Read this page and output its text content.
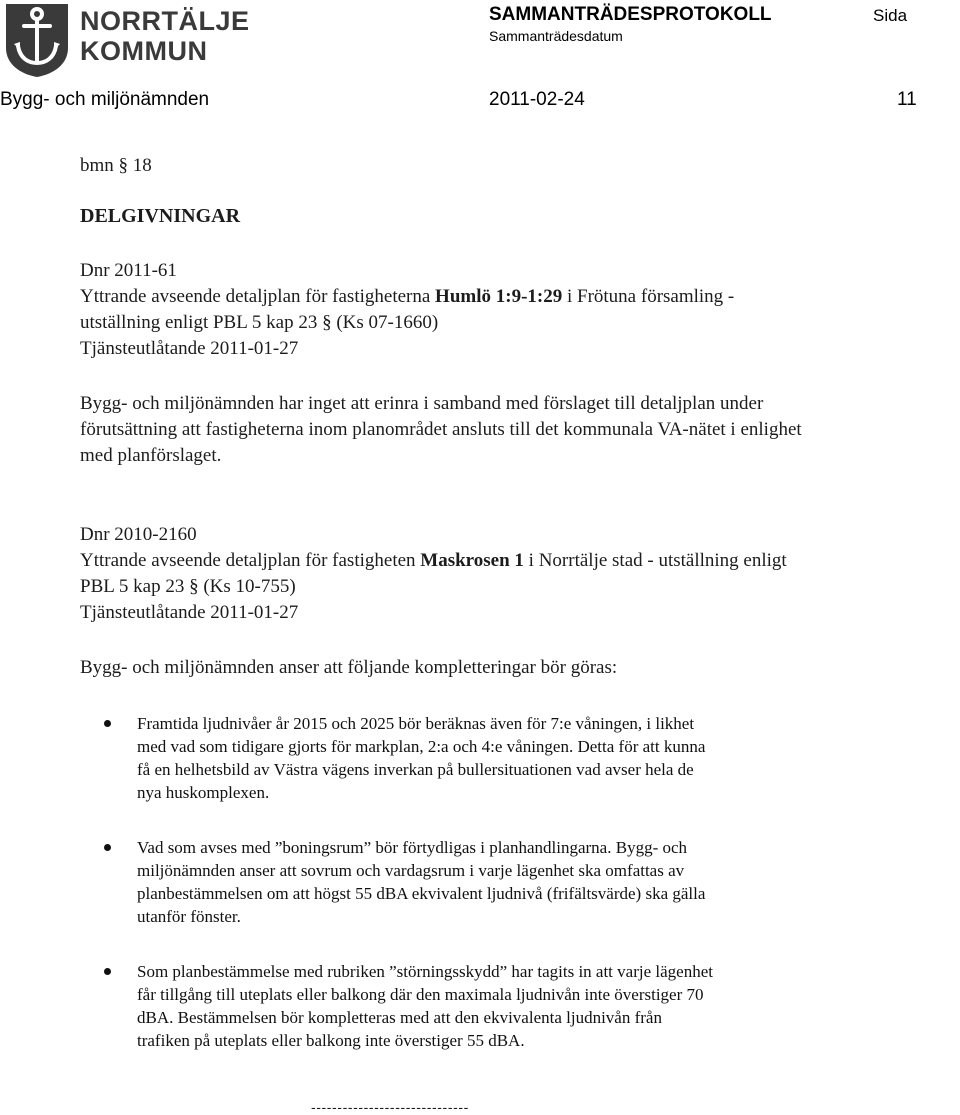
NORRTÄLJE
KOMMUN
SAMMANTRÄDESPROTOKOLL	Sida
Sammanträdesdatum
Bygg- och miljönämnden	2011-02-24	11
bmn § 18
DELGIVNINGAR

Dnr 2011-61

Yttrande avseende detaljplan för fastigheterna Humlö 1:9-1:29 i Frötuna församling -

utställning enligt PBL 5 kap 23 § (Ks 07-1660)

Tjänsteutlåtande 2011-01-27

Bygg- och miljönämnden har inget att erinra i samband med förslaget till detaljplan under

förutsättning att fastigheterna inom planområdet ansluts till det kommunala VA-nätet i enlighet

med planförslaget.

Dnr 2010-2160

Yttrande avseende detaljplan för fastigheten Maskrosen 1 i Norrtälje stad - utställning enligt

PBL 5 kap 23 § (Ks 10-755)

Tjänsteutlåtande 2011-01-27

Bygg- och miljönämnden anser att följande kompletteringar bör göras:

Framtida ljudnivåer år 2015 och 2025 bör beräknas även för 7:e våningen, i likhet

med vad som tidigare gjorts för markplan, 2:a och 4:e våningen. Detta för att kunna

få en helhetsbild av Västra vägens inverkan på bullersituationen vad avser hela de

nya huskomplexen.

Vad som avses med ”boningsrum” bör förtydligas i planhandlingarna. Bygg- och

miljönämnden anser att sovrum och vardagsrum i varje lägenhet ska omfattas av

planbestämmelsen om att högst 55 dBA ekvivalent ljudnivå (frifältsvärde) ska gälla

utanför fönster.

Som planbestämmelse med rubriken ”störningsskydd” har tagits in att varje lägenhet

får tillgång till uteplats eller balkong där den maximala ljudnivån inte överstiger 70

dBA. Bestämmelsen bör kompletteras med att den ekvivalenta ljudnivån från

trafiken på uteplats eller balkong inte överstiger 55 dBA.

------------------------------
